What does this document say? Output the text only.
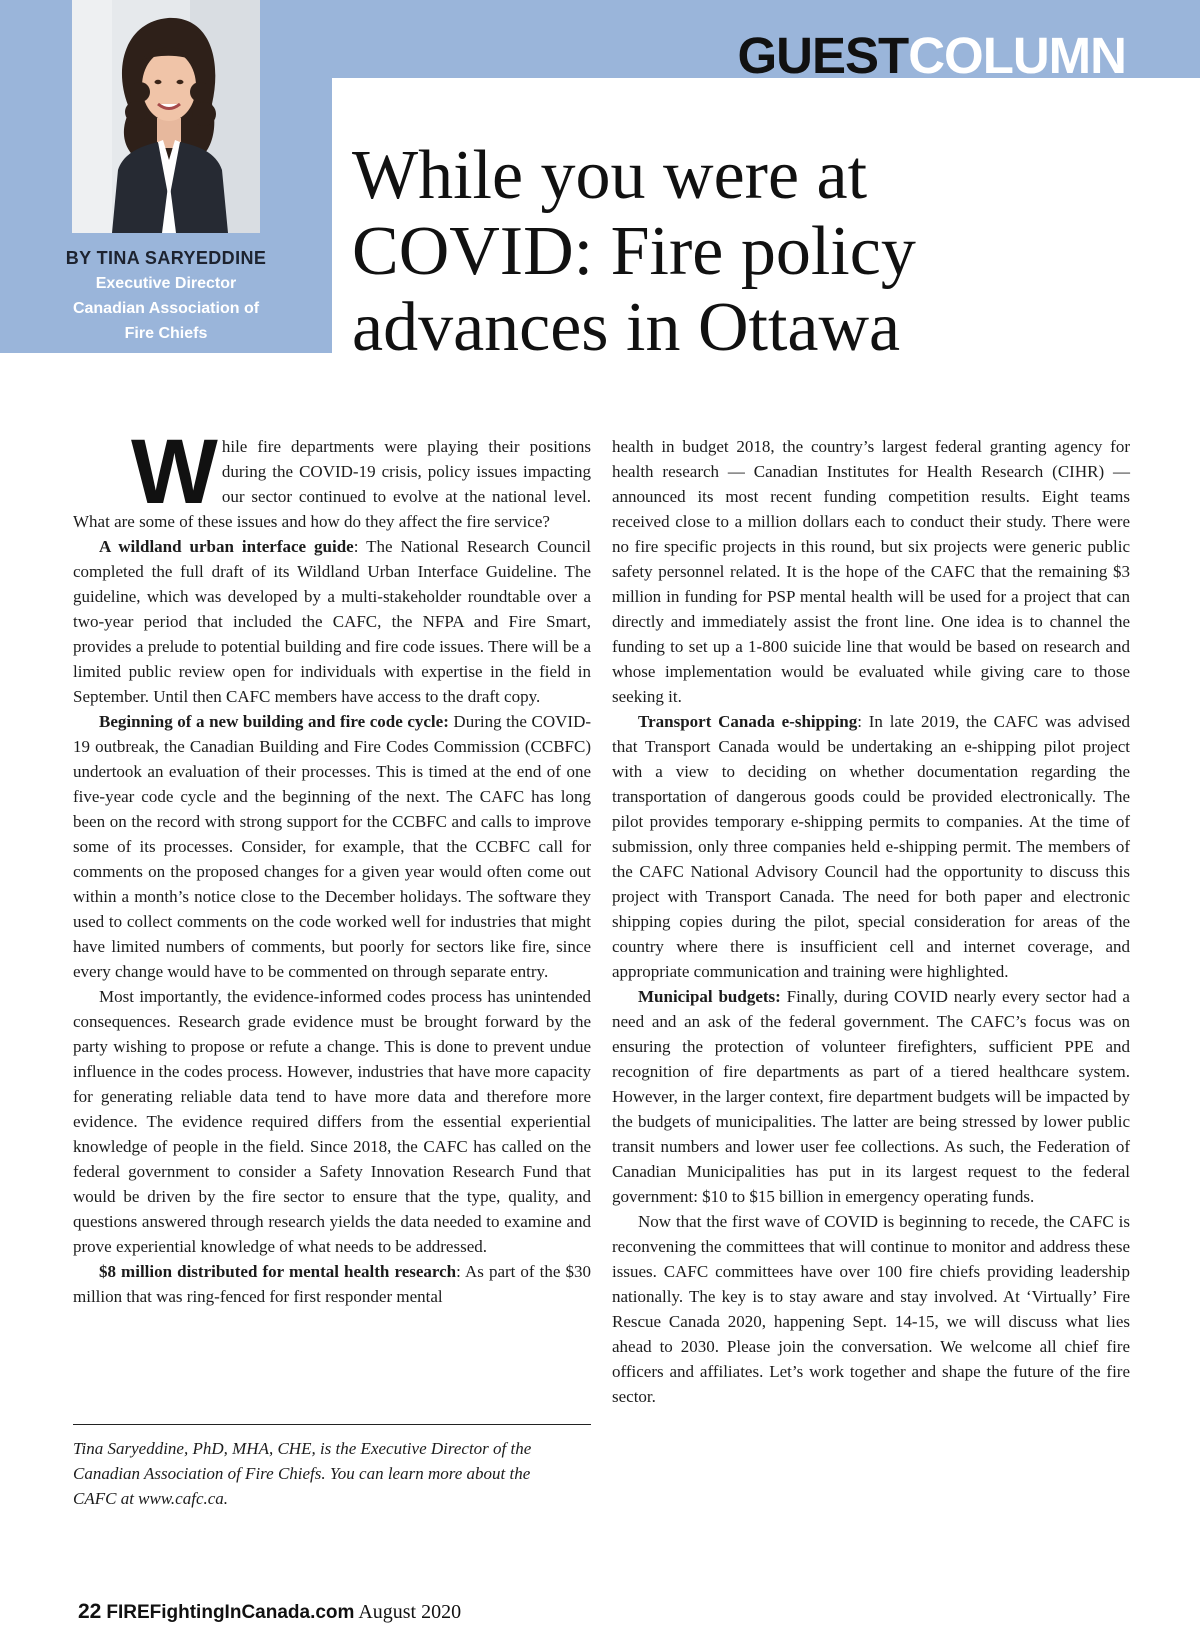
BY TINA SARYEDDINE
Executive Director
Canadian Association of
Fire Chiefs
GUESTCOLUMN
While you were at
COVID: Fire policy
advances in Ottawa

While fire departments were playing their positions during the COVID-19 crisis, policy issues impacting our sector continued to evolve at the national level. What are some of these issues and how do they affect the fire service?

A wildland urban interface guide: The National Research Council completed the full draft of its Wildland Urban Interface Guideline. The guideline, which was developed by a multi-stakeholder roundtable over a two-year period that included the CAFC, the NFPA and Fire Smart, provides a prelude to potential building and fire code issues. There will be a limited public review open for individuals with expertise in the field in September. Until then CAFC members have access to the draft copy.

Beginning of a new building and fire code cycle: During the COVID-19 outbreak, the Canadian Building and Fire Codes Commission (CCBFC) undertook an evaluation of their processes. This is timed at the end of one five-year code cycle and the beginning of the next. The CAFC has long been on the record with strong support for the CCBFC and calls to improve some of its processes. Consider, for example, that the CCBFC call for comments on the proposed changes for a given year would often come out within a month’s notice close to the December holidays. The software they used to collect comments on the code worked well for industries that might have limited numbers of comments, but poorly for sectors like fire, since every change would have to be commented on through separate entry.

Most importantly, the evidence-informed codes process has unintended consequences. Research grade evidence must be brought forward by the party wishing to propose or refute a change. This is done to prevent undue influence in the codes process. However, industries that have more capacity for generating reliable data tend to have more data and therefore more evidence. The evidence required differs from the essential experiential knowledge of people in the field. Since 2018, the CAFC has called on the federal government to consider a Safety Innovation Research Fund that would be driven by the fire sector to ensure that the type, quality, and questions answered through research yields the data needed to examine and prove experiential knowledge of what needs to be addressed.

$8 million distributed for mental health research: As part of the $30 million that was ring-fenced for first responder mental

health in budget 2018, the country’s largest federal granting agency for health research — Canadian Institutes for Health Research (CIHR) — announced its most recent funding competition results. Eight teams received close to a million dollars each to conduct their study. There were no fire specific projects in this round, but six projects were generic public safety personnel related. It is the hope of the CAFC that the remaining $3 million in funding for PSP mental health will be used for a project that can directly and immediately assist the front line. One idea is to channel the funding to set up a 1-800 suicide line that would be based on research and whose implementation would be evaluated while giving care to those seeking it.

Transport Canada e-shipping: In late 2019, the CAFC was advised that Transport Canada would be undertaking an e-shipping pilot project with a view to deciding on whether documentation regarding the transportation of dangerous goods could be provided electronically. The pilot provides temporary e-shipping permits to companies. At the time of submission, only three companies held e-shipping permit. The members of the CAFC National Advisory Council had the opportunity to discuss this project with Transport Canada. The need for both paper and electronic shipping copies during the pilot, special consideration for areas of the country where there is insufficient cell and internet coverage, and appropriate communication and training were highlighted.

Municipal budgets: Finally, during COVID nearly every sector had a need and an ask of the federal government. The CAFC’s focus was on ensuring the protection of volunteer firefighters, sufficient PPE and recognition of fire departments as part of a tiered healthcare system. However, in the larger context, fire department budgets will be impacted by the budgets of municipalities. The latter are being stressed by lower public transit numbers and lower user fee collections. As such, the Federation of Canadian Municipalities has put in its largest request to the federal government: $10 to $15 billion in emergency operating funds.

Now that the first wave of COVID is beginning to recede, the CAFC is reconvening the committees that will continue to monitor and address these issues. CAFC committees have over 100 fire chiefs providing leadership nationally. The key is to stay aware and stay involved. At ‘Virtually’ Fire Rescue Canada 2020, happening Sept. 14-15, we will discuss what lies ahead to 2030. Please join the conversation. We welcome all chief fire officers and affiliates. Let’s work together and shape the future of the fire sector.

Tina Saryeddine, PhD, MHA, CHE, is the Executive Director of the Canadian Association of Fire Chiefs. You can learn more about the CAFC at www.cafc.ca.
22 FIREFightingInCanada.com August 2020
